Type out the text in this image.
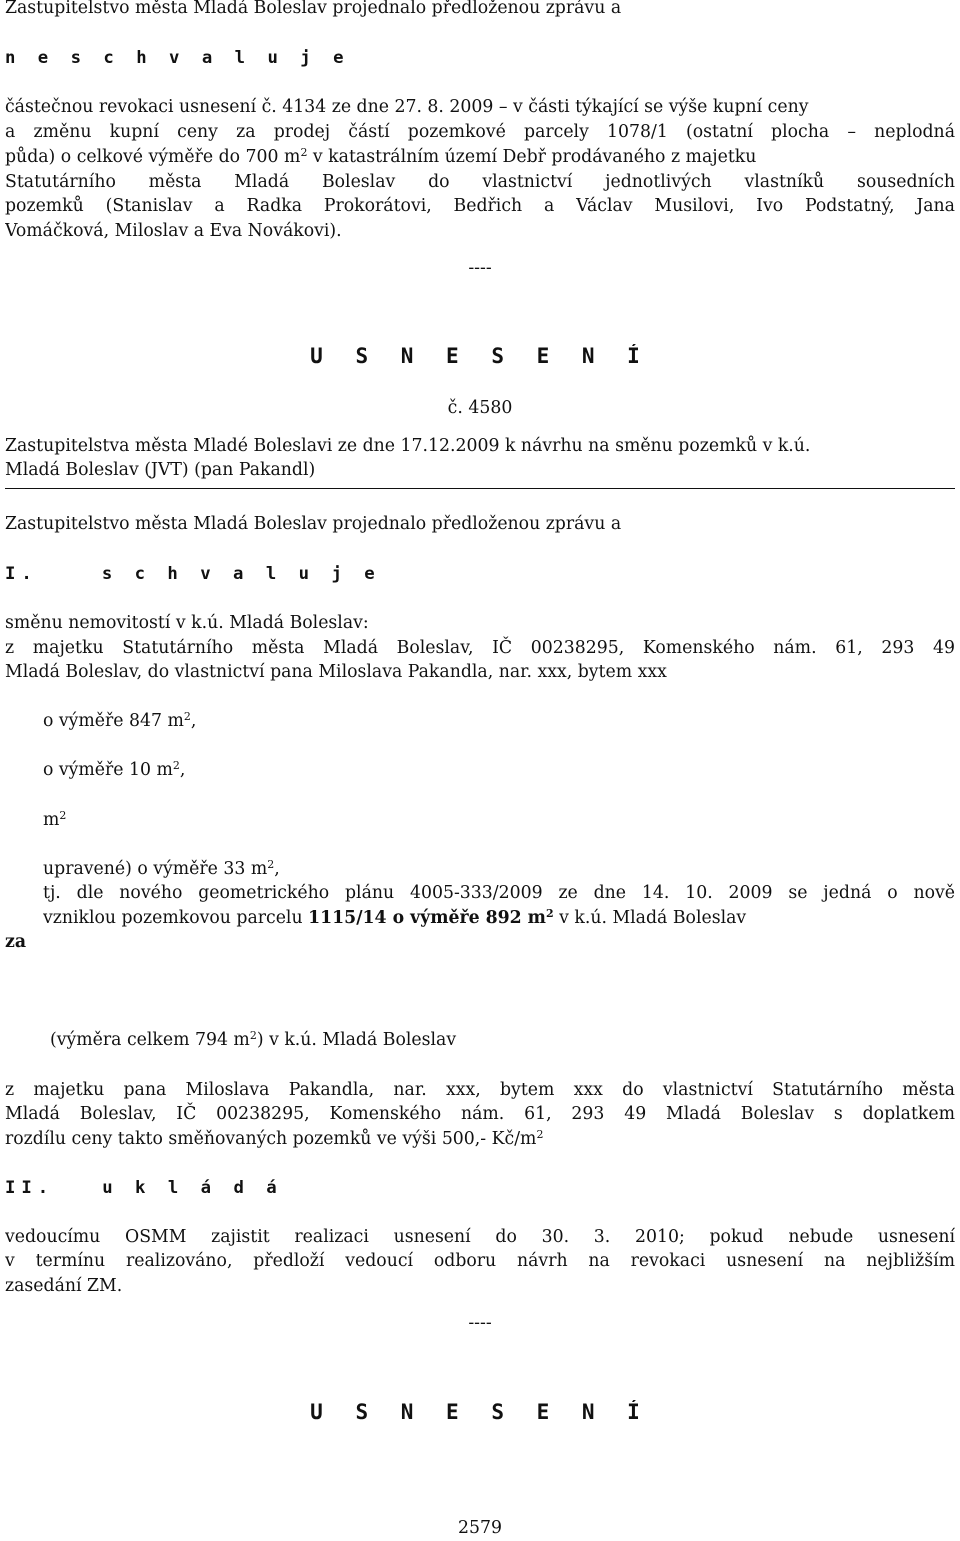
Zastupitelstvo města Mladá Boleslav projednalo předloženou zprávu a
n e s c h v a l u j e
částečnou revokaci usnesení č. 4134 ze dne 27. 8. 2009 – v části týkající se výše kupní ceny
a změnu kupní ceny za prodej částí pozemkové parcely 1078/1 (ostatní plocha – neplodná
půda) o celkové výměře do 700 $m^2$ v katastrálním území Debř prodávaného z majetku
Statutárního města Mladá Boleslav do vlastnictví jednotlivých vlastníků sousedních
pozemků (Stanislav a Radka Prokorátovi, Bedřich a Václav Musilovi, Ivo Podstatný, Jana
Vomáčková, Miloslav a Eva Novákovi).
----
U S N E S E N Í
č. 4580
Zastupitelstva města Mladé Boleslavi ze dne 17.12.2009 k návrhu na směnu pozemků v k.ú.
Mladá Boleslav (JVT) (pan Pakandl)
Zastupitelstvo města Mladá Boleslav projednalo předloženou zprávu a
I.	s c h v a l u j e
směnu nemovitostí v k.ú. Mladá Boleslav:
z majetku Statutárního města Mladá Boleslav, IČ 00238295, Komenského nám. 61, 293 49
Mladá Boleslav, do vlastnictví pana Miloslava Pakandla, nar. xxx, bytem xxx
o výměře 847 $m^2$,
o výměře 10 $m^2$,
$m^2$
upravené) o výměře 33 $m^2$,
tj. dle nového geometrického plánu 4005-333/2009 ze dne 14. 10. 2009 se jedná o nově
vzniklou pozemkovou parcelu 1115/14 o výměře 892 $m^2$ v k.ú. Mladá Boleslav
za
(výměra celkem 794 $m^2$) v k.ú. Mladá Boleslav
z majetku pana Miloslava Pakandla, nar. xxx, bytem xxx do vlastnictví Statutárního města
Mladá Boleslav, IČ 00238295, Komenského nám. 61, 293 49 Mladá Boleslav s doplatkem
rozdílu ceny takto směňovaných pozemků ve výši 500,- $Kč/m^2$
II.	u k l á d á
vedoucímu OSMM zajistit realizaci usnesení do 30. 3. 2010; pokud nebude usnesení
v termínu realizováno, předloží vedoucí odboru návrh na revokaci usnesení na nejbližším
zasedání ZM.
----
U S N E S E N Í
2579
